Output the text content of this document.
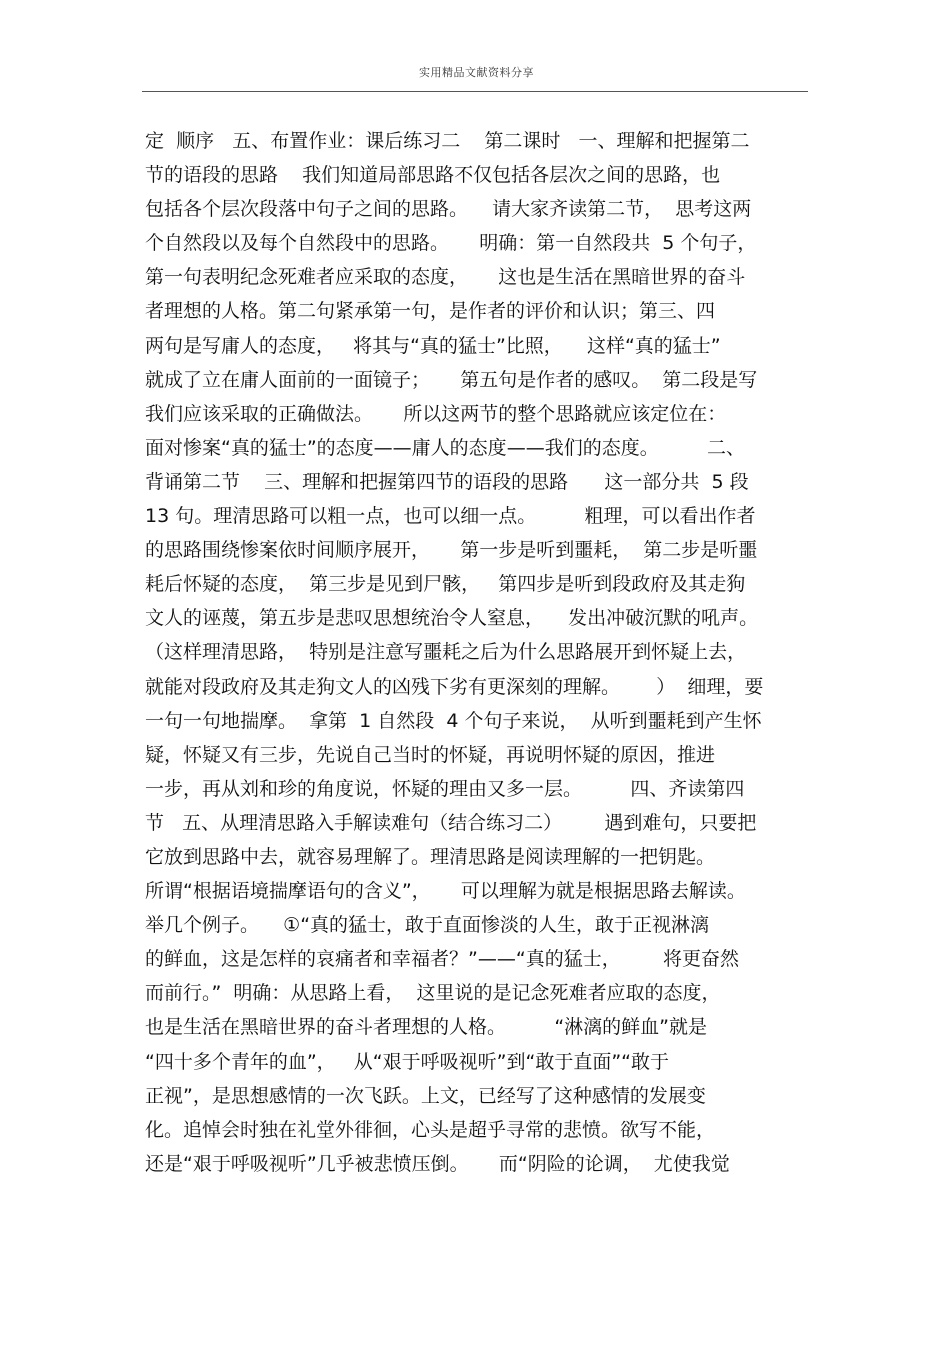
实用精品文献资料分享
定  顺序   五、布置作业：课后练习二    第二课时   一、理解和把握第二
节的语段的思路    我们知道局部思路不仅包括各层次之间的思路，也
包括各个层次段落中句子之间的思路。    请大家齐读第二节，  思考这两
个自然段以及每个自然段中的思路。     明确：第一自然段共  5 个句子，
第一句表明纪念死难者应采取的态度，     这也是生活在黑暗世界的奋斗
者理想的人格。第二句紧承第一句，是作者的评价和认识；第三、四
两句是写庸人的态度，   将其与“真的猛士”比照，    这样“真的猛士”
就成了立在庸人面前的一面镜子；     第五句是作者的感叹。  第二段是写
我们应该采取的正确做法。     所以这两节的整个思路就应该定位在：
面对惨案“真的猛士”的态度——庸人的态度——我们的态度。        二、
背诵第二节    三、理解和把握第四节的语段的思路      这一部分共  5 段
13 句。理清思路可以粗一点，也可以细一点。        粗理，可以看出作者
的思路围绕惨案依时间顺序展开，     第一步是听到噩耗，  第二步是听噩
耗后怀疑的态度，  第三步是见到尸骸，   第四步是听到段政府及其走狗
文人的诬蔑，第五步是悲叹思想统治令人窒息，    发出冲破沉默的吼声。
（这样理清思路，  特别是注意写噩耗之后为什么思路展开到怀疑上去，
就能对段政府及其走狗文人的凶残下劣有更深刻的理解。      ）  细理，要
一句一句地揣摩。  拿第  1 自然段  4 个句子来说，  从听到噩耗到产生怀
疑，怀疑又有三步，先说自己当时的怀疑，再说明怀疑的原因，推进
一步，再从刘和珍的角度说，怀疑的理由又多一层。        四、齐读第四
节   五、从理清思路入手解读难句（结合练习二）       遇到难句，只要把
它放到思路中去，就容易理解了。理清思路是阅读理解的一把钥匙。
所谓“根据语境揣摩语句的含义”，     可以理解为就是根据思路去解读。
举几个例子。    ①“真的猛士，敢于直面惨淡的人生，敢于正视淋漓
的鲜血，这是怎样的哀痛者和幸福者？”——“真的猛士，       将更奋然
而前行。”  明确：从思路上看，  这里说的是记念死难者应取的态度，
也是生活在黑暗世界的奋斗者理想的人格。        “淋漓的鲜血”就是
“四十多个青年的血”，   从“艰于呼吸视听”到“敢于直面”“敢于
正视”，是思想感情的一次飞跃。上文，已经写了这种感情的发展变
化。追悼会时独在礼堂外徘徊，心头是超乎寻常的悲愤。欲写不能，
还是“艰于呼吸视听”几乎被悲愤压倒。     而“阴险的论调，  尤使我觉
